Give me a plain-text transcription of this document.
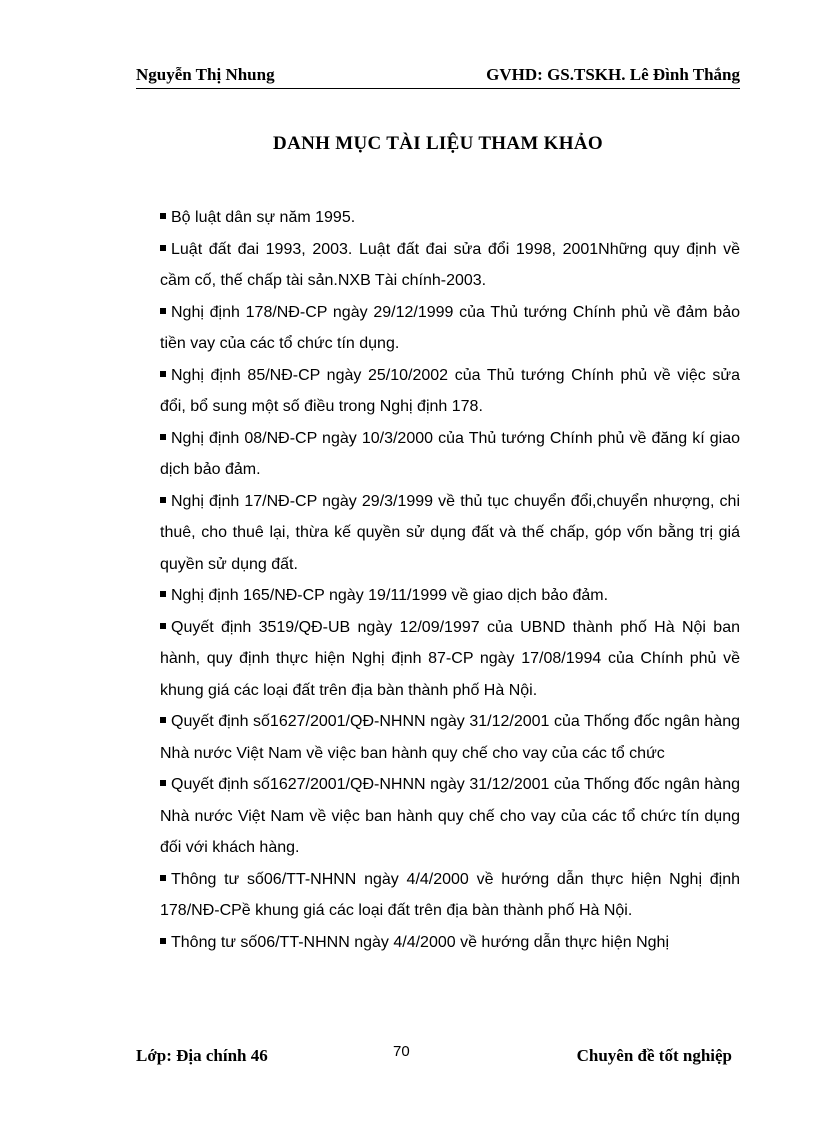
Nguyễn Thị Nhung	GVHD: GS.TSKH. Lê Đình Thắng
DANH MỤC TÀI LIỆU THAM KHẢO
Bộ luật dân sự năm 1995.
Luật đất đai 1993, 2003. Luật đất đai sửa đổi 1998, 2001Những quy định về cầm cố, thế chấp tài sản.NXB Tài chính-2003.
Nghị định 178/NĐ-CP ngày 29/12/1999 của Thủ tướng Chính phủ về đảm bảo tiền vay của các tổ chức tín dụng.
Nghị định 85/NĐ-CP ngày 25/10/2002 của Thủ tướng Chính phủ về việc sửa đổi, bổ sung một số điều trong Nghị định 178.
Nghị định 08/NĐ-CP ngày 10/3/2000 của Thủ tướng Chính phủ về đăng kí giao dịch bảo đảm.
Nghị định 17/NĐ-CP ngày 29/3/1999 về thủ tục chuyển đổi,chuyển nhượng, chi thuê, cho thuê lại, thừa kế quyền sử dụng đất và thế chấp, góp vốn bằng trị giá quyền sử dụng đất.
Nghị định 165/NĐ-CP ngày 19/11/1999 về giao dịch bảo đảm.
Quyết định 3519/QĐ-UB ngày 12/09/1997 của UBND thành phố Hà Nội ban hành, quy định thực hiện Nghị định 87-CP ngày 17/08/1994 của Chính phủ về khung giá các loại đất trên địa bàn thành phố Hà Nội.
Quyết định số1627/2001/QĐ-NHNN ngày 31/12/2001 của Thống đốc ngân hàng Nhà nước Việt Nam về việc ban hành quy chế cho vay của các tổ chức
Quyết định số1627/2001/QĐ-NHNN ngày 31/12/2001 của Thống đốc ngân hàng Nhà nước Việt Nam về việc ban hành quy chế cho vay của các tổ chức tín dụng đối với khách hàng.
Thông tư số06/TT-NHNN ngày 4/4/2000 về hướng dẫn thực hiện Nghị định 178/NĐ-CPề khung giá các loại đất trên địa bàn thành phố Hà Nội.
Thông tư số06/TT-NHNN ngày 4/4/2000 về hướng dẫn thực hiện Nghị
Lớp: Địa chính 46	70	Chuyên đề tốt nghiệp
